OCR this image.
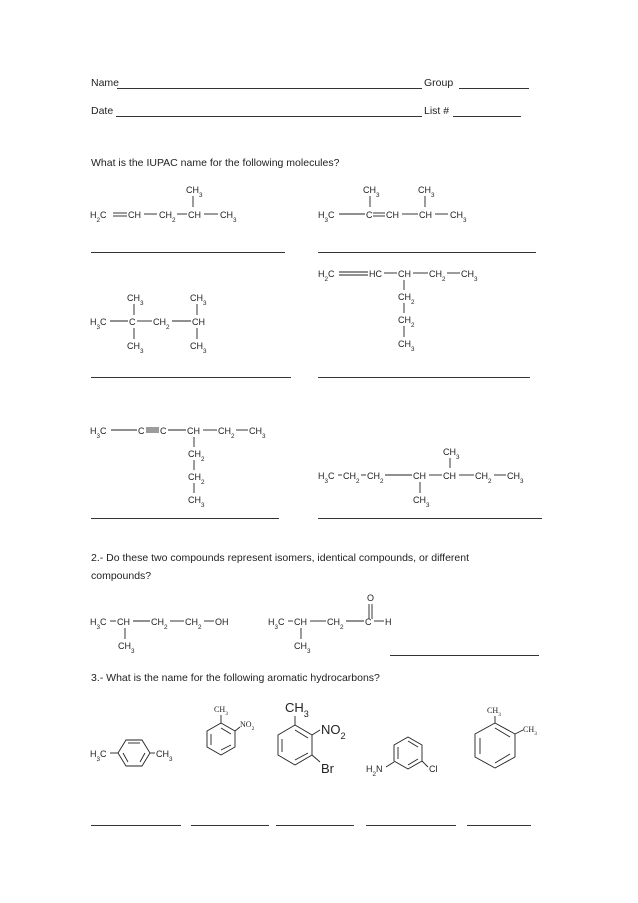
Name	Group
Date	List #
What is the IUPAC name for the following molecules?
$CH_3$
$H_2C$ CH $CH_2$ CH $CH_3$
$CH_3$	$CH_3$
$H_3C$	C CH CH $CH_3$
$H_2C$	HC CH $CH_2$ $CH_3$
$CH_2$
$CH_2$
$CH_3$
$CH_3$	$CH_3$
$H_3C$ C $CH_2$ CH
$CH_3$	$CH_3$
$H_3C$	C C CH $CH_2$ $CH_3$
$CH_2$
$CH_2$
$CH_3$
$CH_3$
$H_3C$ $CH_2$ $CH_2$	CH CH $CH_2$ $CH_3$
$CH_3$
2.- Do these two compounds represent isomers, identical compounds, or different
compounds?
$H_3C$ CH $CH_2$ $CH_2$ OH
$CH_3$
O
$H_3C$ CH $CH_2$ C H
$CH_3$
3.- What is the name for the following aromatic hydrocarbons?
$H_3C$	$CH_3$
$CH_3$
$NO_2$
$CH_3$
$NO_2$
Br	$H_2N$	Cl
$CH_3$
$CH_3$
